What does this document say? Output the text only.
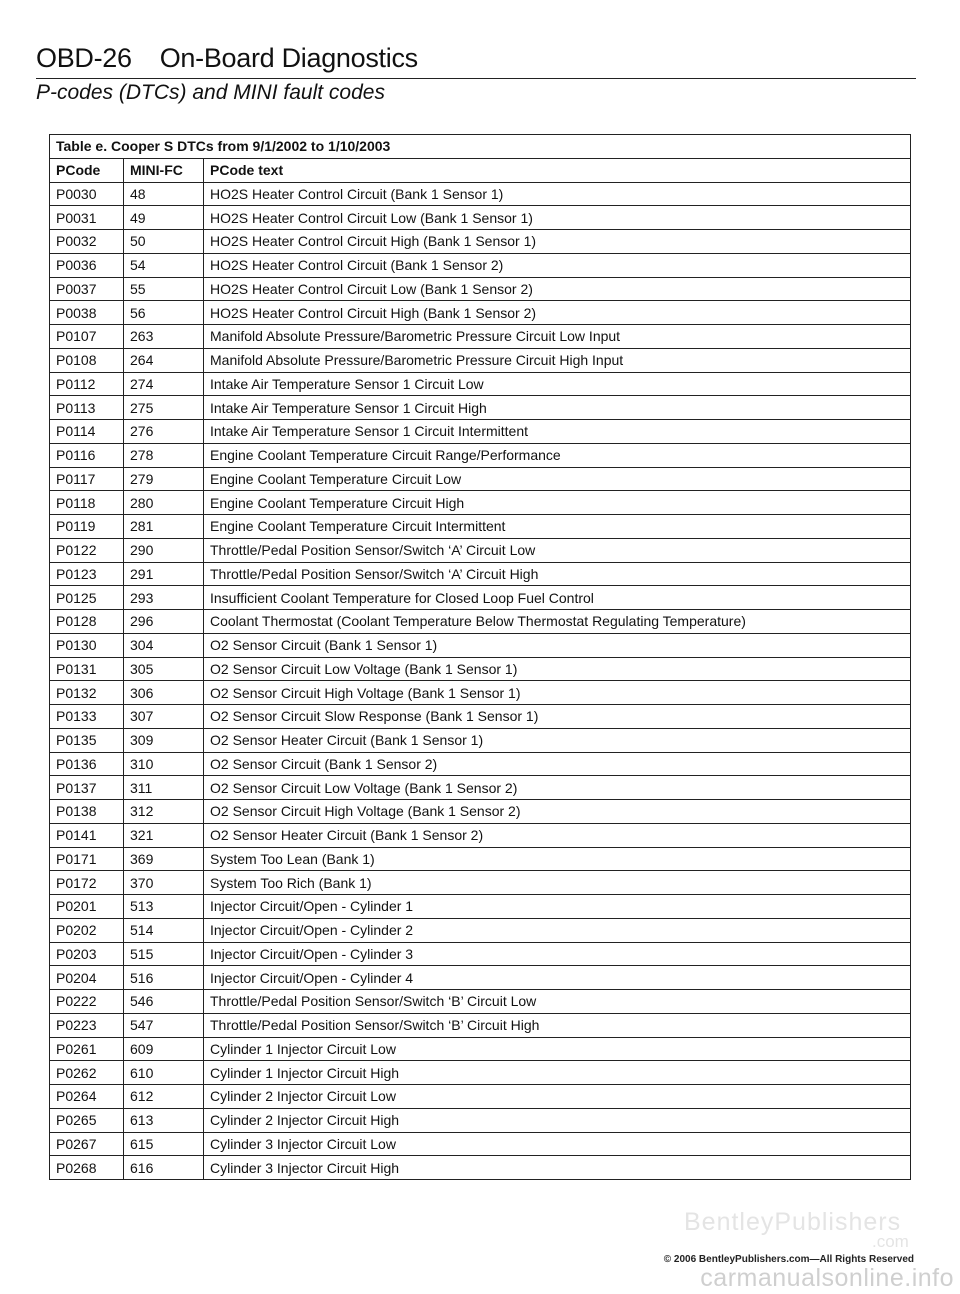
OBD-26 On-Board Diagnostics
P-codes (DTCs) and MINI fault codes
Table e. Cooper S DTCs from 9/1/2002 to 1/10/2003		
PCode	MINI-FC	PCode text
P0030	48	HO2S Heater Control Circuit (Bank 1 Sensor 1)
P0031	49	HO2S Heater Control Circuit Low (Bank 1 Sensor 1)
P0032	50	HO2S Heater Control Circuit High (Bank 1 Sensor 1)
P0036	54	HO2S Heater Control Circuit (Bank 1 Sensor 2)
P0037	55	HO2S Heater Control Circuit Low (Bank 1 Sensor 2)
P0038	56	HO2S Heater Control Circuit High (Bank 1 Sensor 2)
P0107	263	Manifold Absolute Pressure/Barometric Pressure Circuit Low Input
P0108	264	Manifold Absolute Pressure/Barometric Pressure Circuit High Input
P0112	274	Intake Air Temperature Sensor 1 Circuit Low
P0113	275	Intake Air Temperature Sensor 1 Circuit High
P0114	276	Intake Air Temperature Sensor 1 Circuit Intermittent
P0116	278	Engine Coolant Temperature Circuit Range/Performance
P0117	279	Engine Coolant Temperature Circuit Low
P0118	280	Engine Coolant Temperature Circuit High
P0119	281	Engine Coolant Temperature Circuit Intermittent
P0122	290	Throttle/Pedal Position Sensor/Switch ‘A’ Circuit Low
P0123	291	Throttle/Pedal Position Sensor/Switch ‘A’ Circuit High
P0125	293	Insufficient Coolant Temperature for Closed Loop Fuel Control
P0128	296	Coolant Thermostat (Coolant Temperature Below Thermostat Regulating Temperature)
P0130	304	O2 Sensor Circuit (Bank 1 Sensor 1)
P0131	305	O2 Sensor Circuit Low Voltage (Bank 1 Sensor 1)
P0132	306	O2 Sensor Circuit High Voltage (Bank 1 Sensor 1)
P0133	307	O2 Sensor Circuit Slow Response (Bank 1 Sensor 1)
P0135	309	O2 Sensor Heater Circuit (Bank 1 Sensor 1)
P0136	310	O2 Sensor Circuit (Bank 1 Sensor 2)
P0137	311	O2 Sensor Circuit Low Voltage (Bank 1 Sensor 2)
P0138	312	O2 Sensor Circuit High Voltage (Bank 1 Sensor 2)
P0141	321	O2 Sensor Heater Circuit (Bank 1 Sensor 2)
P0171	369	System Too Lean (Bank 1)
P0172	370	System Too Rich (Bank 1)
P0201	513	Injector Circuit/Open - Cylinder 1
P0202	514	Injector Circuit/Open - Cylinder 2
P0203	515	Injector Circuit/Open - Cylinder 3
P0204	516	Injector Circuit/Open - Cylinder 4
P0222	546	Throttle/Pedal Position Sensor/Switch ‘B’ Circuit Low
P0223	547	Throttle/Pedal Position Sensor/Switch ‘B’ Circuit High
P0261	609	Cylinder 1 Injector Circuit Low
P0262	610	Cylinder 1 Injector Circuit High
P0264	612	Cylinder 2 Injector Circuit Low
P0265	613	Cylinder 2 Injector Circuit High
P0267	615	Cylinder 3 Injector Circuit Low
P0268	616	Cylinder 3 Injector Circuit High
BentleyPublishers
.com
© 2006 BentleyPublishers.com—All Rights Reserved
carmanualsonline.info
